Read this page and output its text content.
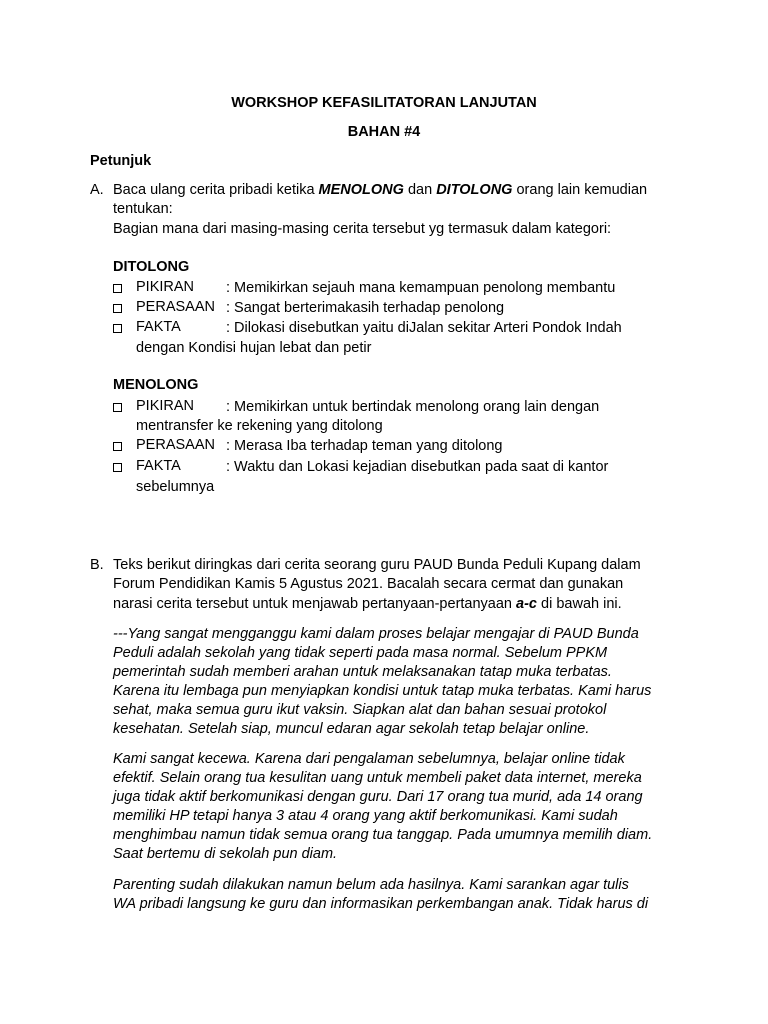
WORKSHOP KEFASILITATORAN LANJUTAN
BAHAN #4
Petunjuk
A. Baca ulang cerita pribadi ketika MENOLONG dan DITOLONG orang lain kemudian
tentukan:
Bagian mana dari masing-masing cerita tersebut yg termasuk dalam kategori:
DITOLONG
PIKIRAN : Memikirkan sejauh mana kemampuan penolong membantu
PERASAAN : Sangat berterimakasih terhadap penolong
FAKTA	: Dilokasi disebutkan yaitu diJalan sekitar Arteri Pondok Indah
dengan Kondisi hujan lebat dan petir
MENOLONG
PIKIRAN : Memikirkan untuk bertindak menolong orang lain dengan
mentransfer ke rekening yang ditolong
PERASAAN : Merasa Iba terhadap teman yang ditolong
FAKTA	: Waktu dan Lokasi kejadian disebutkan pada saat di kantor
sebelumnya
B. Teks berikut diringkas dari cerita seorang guru PAUD Bunda Peduli Kupang dalam
Forum Pendidikan Kamis 5 Agustus 2021. Bacalah secara cermat dan gunakan
narasi cerita tersebut untuk menjawab pertanyaan-pertanyaan a-c di bawah ini.
---Yang sangat mengganggu kami dalam proses belajar mengajar di PAUD Bunda
Peduli adalah sekolah yang tidak seperti pada masa normal. Sebelum PPKM
pemerintah sudah memberi arahan untuk melaksanakan tatap muka terbatas.
Karena itu lembaga pun menyiapkan kondisi untuk tatap muka terbatas. Kami harus
sehat, maka semua guru ikut vaksin. Siapkan alat dan bahan sesuai protokol
kesehatan. Setelah siap, muncul edaran agar sekolah tetap belajar online.
Kami sangat kecewa. Karena dari pengalaman sebelumnya, belajar online tidak
efektif. Selain orang tua kesulitan uang untuk membeli paket data internet, mereka
juga tidak aktif berkomunikasi dengan guru. Dari 17 orang tua murid, ada 14 orang
memiliki HP tetapi hanya 3 atau 4 orang yang aktif berkomunikasi. Kami sudah
menghimbau namun tidak semua orang tua tanggap. Pada umumnya memilih diam.
Saat bertemu di sekolah pun diam.
Parenting sudah dilakukan namun belum ada hasilnya. Kami sarankan agar tulis
WA pribadi langsung ke guru dan informasikan perkembangan anak. Tidak harus di
